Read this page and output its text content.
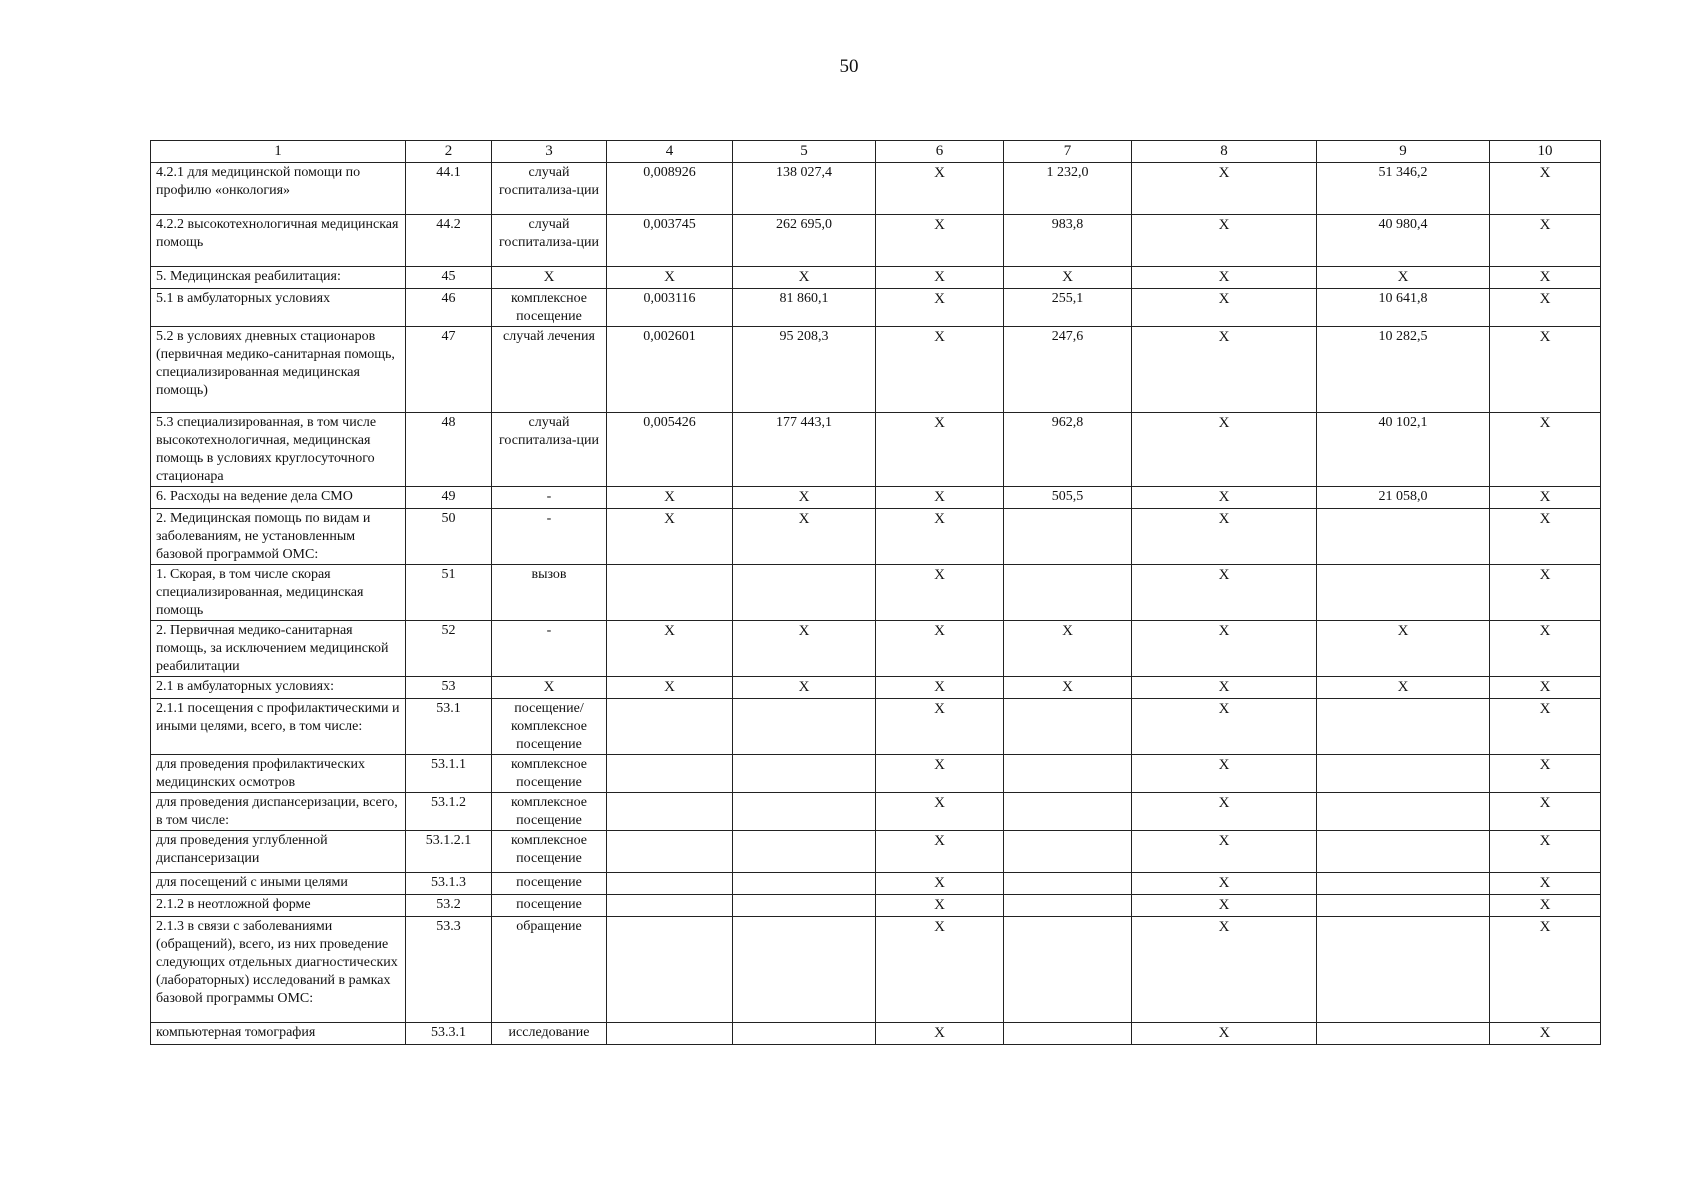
50
1	2	3	4	5	6	7	8	9	10
4.2.1 для медицинской помощи по профилю «онкология»	44.1	случай госпитализа-ции	0,008926	138 027,4	Х	1 232,0	Х	51 346,2	Х
4.2.2 высокотехнологичная медицинская помощь	44.2	случай госпитализа-ции	0,003745	262 695,0	Х	983,8	Х	40 980,4	Х
5. Медицинская реабилитация:	45	Х	Х	Х	Х	Х	Х	Х	Х
5.1 в амбулаторных условиях	46	комплексное посещение	0,003116	81 860,1	Х	255,1	Х	10 641,8	Х
5.2 в условиях дневных стационаров (первичная медико-санитарная помощь, специализированная медицинская помощь)	47	случай лечения	0,002601	95 208,3	Х	247,6	Х	10 282,5	Х
5.3 специализированная, в том числе высокотехнологичная, медицинская помощь в условиях круглосуточного стационара	48	случай госпитализа-ции	0,005426	177 443,1	Х	962,8	Х	40 102,1	Х
6. Расходы на ведение дела СМО	49	-	Х	Х	Х	505,5	Х	21 058,0	Х
2. Медицинская помощь по видам и заболеваниям, не установленным базовой программой ОМС:	50	-	Х	Х	Х		Х		Х
1. Скорая, в том числе скорая специализированная, медицинская помощь	51	вызов			Х		Х		Х
2. Первичная медико-санитарная помощь, за исключением медицинской реабилитации	52	-	Х	Х	Х	Х	Х	Х	Х
2.1 в амбулаторных условиях:	53	Х	Х	Х	Х	Х	Х	Х	Х
2.1.1 посещения с профилактическими и иными целями, всего, в том числе:	53.1	посещение/ комплексное посещение			Х		Х		Х
для проведения профилактических медицинских осмотров	53.1.1	комплексное посещение			Х		Х		Х
для проведения диспансеризации, всего, в том числе:	53.1.2	комплексное посещение			Х		Х		Х
для проведения углубленной диспансеризации	53.1.2.1	комплексное посещение			Х		Х		Х
для посещений с иными целями	53.1.3	посещение			Х		Х		Х
2.1.2 в неотложной форме	53.2	посещение			Х		Х		Х
2.1.3 в связи с заболеваниями (обращений), всего, из них проведение следующих отдельных диагностических (лабораторных) исследований в рамках базовой программы ОМС:	53.3	обращение			Х		Х		Х
компьютерная томография	53.3.1	исследование			Х		Х		Х
